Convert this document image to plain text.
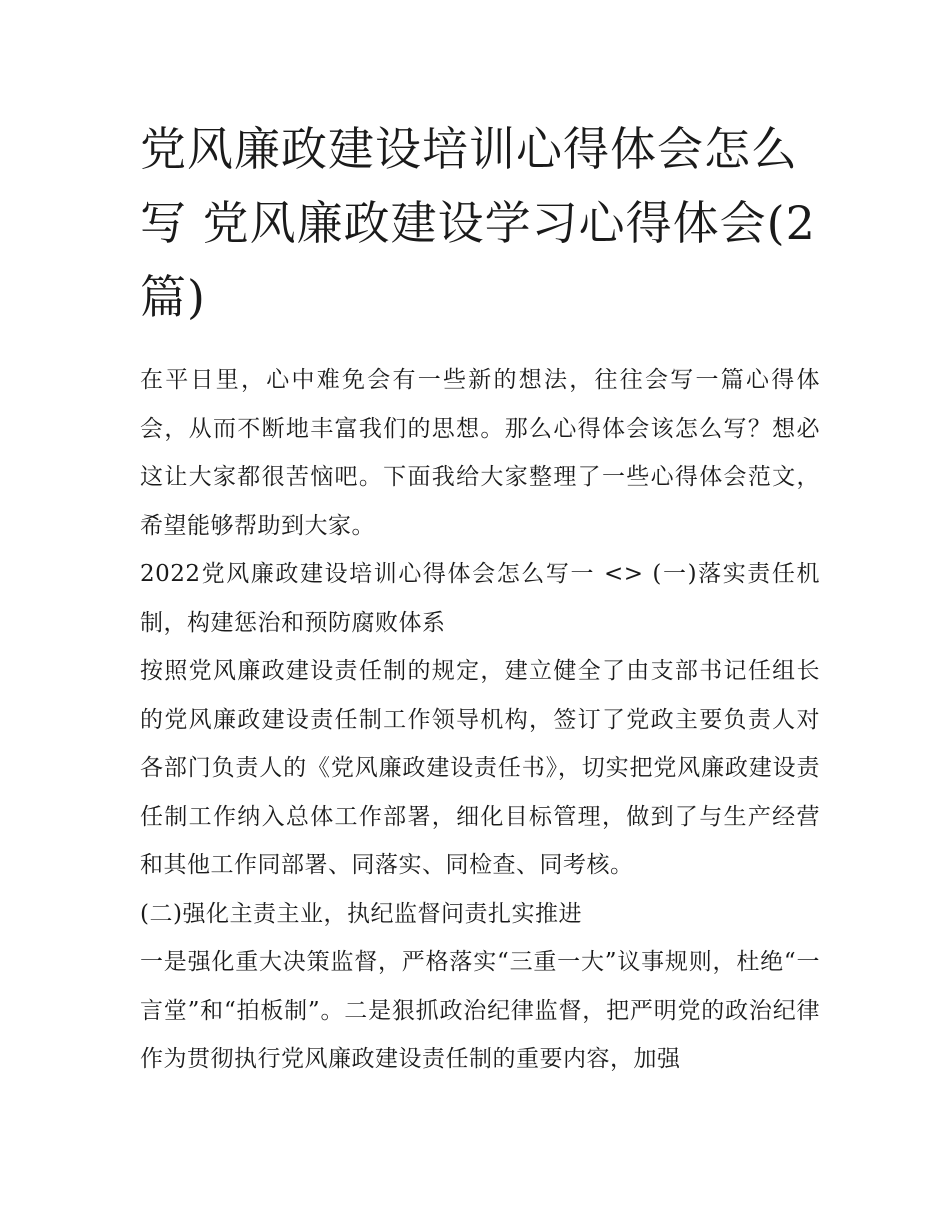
党风廉政建设培训心得体会怎么写 党风廉政建设学习心得体会(2篇)

在平日里，心中难免会有一些新的想法，往往会写一篇心得体会，从而不断地丰富我们的思想。那么心得体会该怎么写？想必这让大家都很苦恼吧。下面我给大家整理了一些心得体会范文，希望能够帮助到大家。

2022党风廉政建设培训心得体会怎么写一 <> (一)落实责任机制，构建惩治和预防腐败体系

按照党风廉政建设责任制的规定，建立健全了由支部书记任组长的党风廉政建设责任制工作领导机构，签订了党政主要负责人对各部门负责人的《党风廉政建设责任书》，切实把党风廉政建设责任制工作纳入总体工作部署，细化目标管理，做到了与生产经营和其他工作同部署、同落实、同检查、同考核。

(二)强化主责主业，执纪监督问责扎实推进

一是强化重大决策监督，严格落实“三重一大”议事规则，杜绝“一言堂”和“拍板制”。二是狠抓政治纪律监督，把严明党的政治纪律作为贯彻执行党风廉政建设责任制的重要内容，加强
